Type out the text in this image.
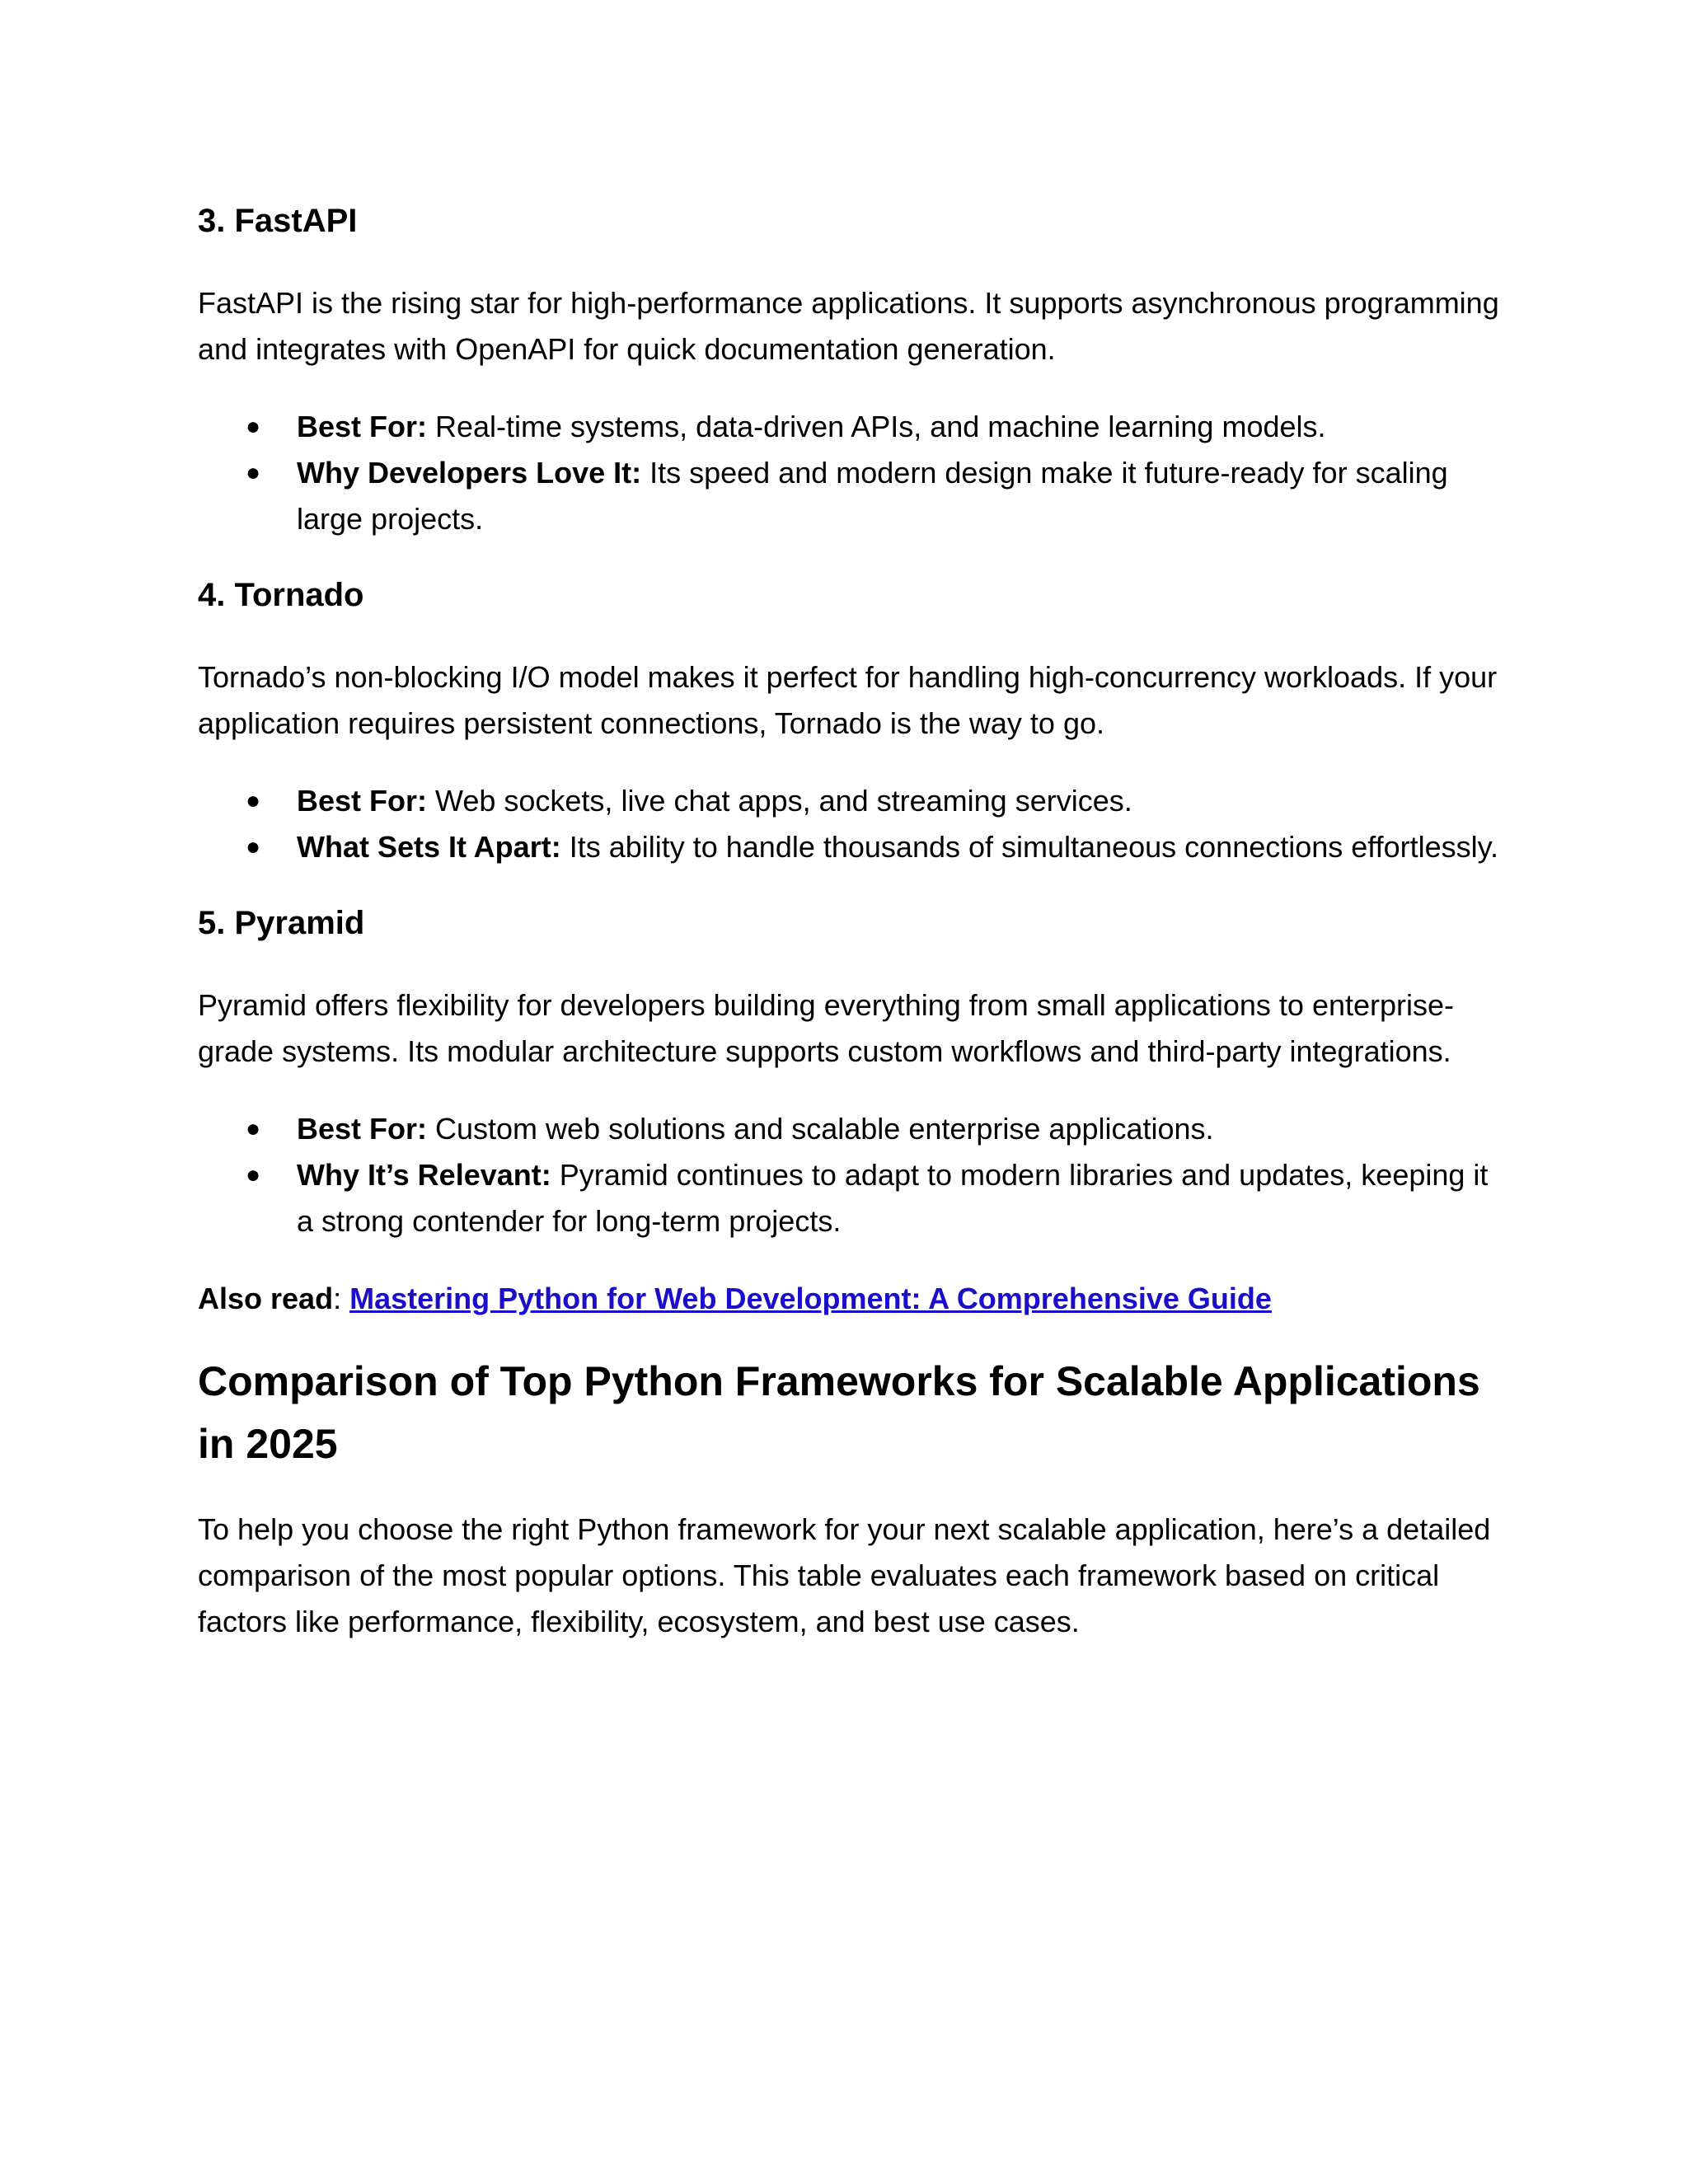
3. FastAPI

FastAPI is the rising star for high-performance applications. It supports asynchronous programming and integrates with OpenAPI for quick documentation generation.

● Best For: Real-time systems, data-driven APIs, and machine learning models.
● Why Developers Love It: Its speed and modern design make it future-ready for scaling large projects.
4. Tornado

Tornado’s non-blocking I/O model makes it perfect for handling high-concurrency workloads. If your application requires persistent connections, Tornado is the way to go.

● Best For: Web sockets, live chat apps, and streaming services.
● What Sets It Apart: Its ability to handle thousands of simultaneous connections effortlessly.
5. Pyramid

Pyramid offers flexibility for developers building everything from small applications to enterprise-grade systems. Its modular architecture supports custom workflows and third-party integrations.

● Best For: Custom web solutions and scalable enterprise applications.
● Why It’s Relevant: Pyramid continues to adapt to modern libraries and updates, keeping it a strong contender for long-term projects.

Also read: Mastering Python for Web Development: A Comprehensive Guide

Comparison of Top Python Frameworks for Scalable Applications in 2025

To help you choose the right Python framework for your next scalable application, here’s a detailed comparison of the most popular options. This table evaluates each framework based on critical factors like performance, flexibility, ecosystem, and best use cases.
